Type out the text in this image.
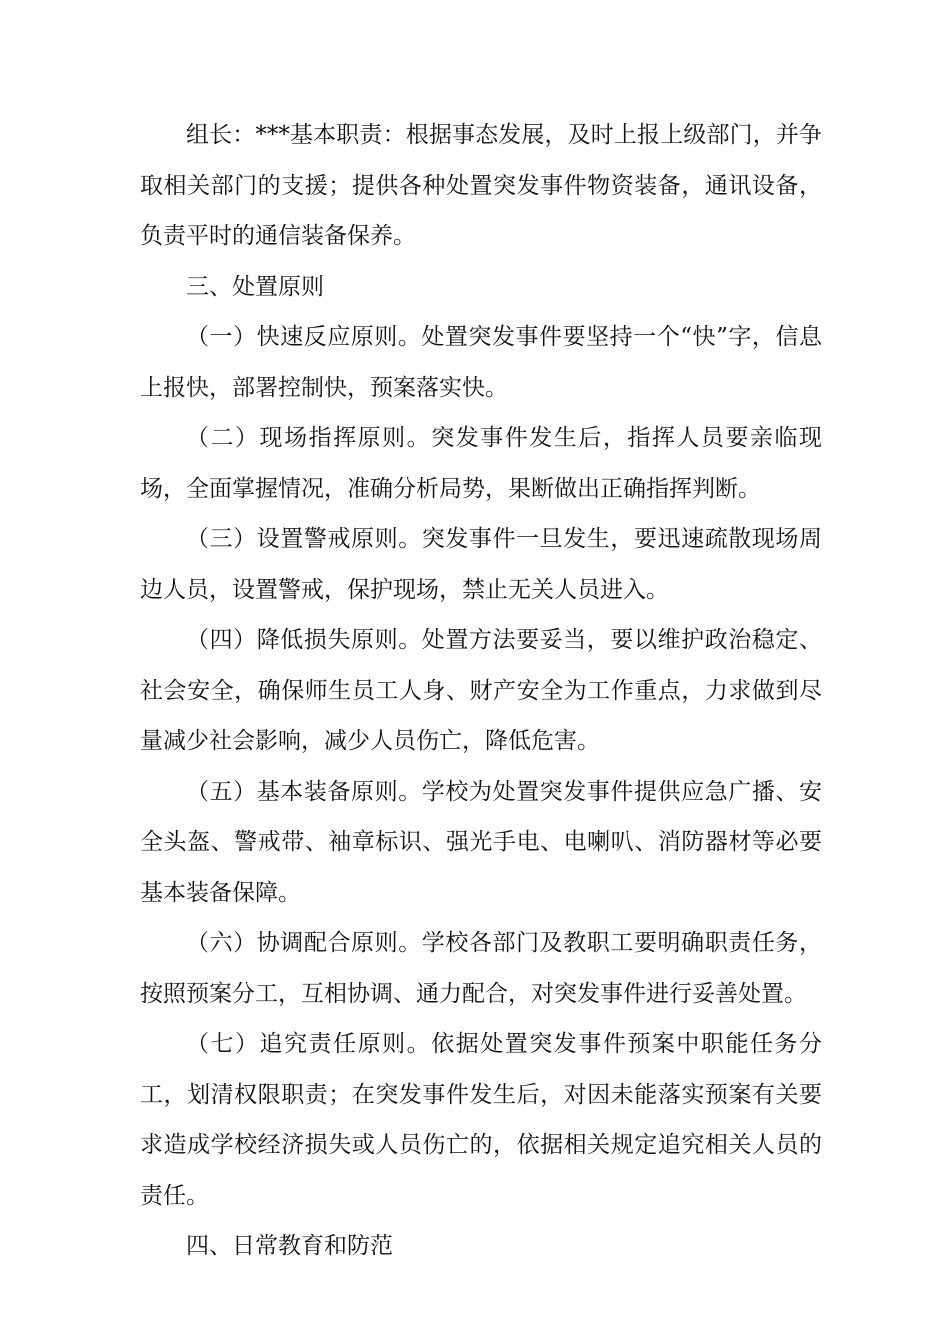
组长：***基本职责：根据事态发展，及时上报上级部门，并争取相关部门的支援；提供各种处置突发事件物资装备，通讯设备，负责平时的通信装备保养。

三、处置原则

（一）快速反应原则。处置突发事件要坚持一个“快”字，信息上报快，部署控制快，预案落实快。

（二）现场指挥原则。突发事件发生后，指挥人员要亲临现场，全面掌握情况，准确分析局势，果断做出正确指挥判断。

（三）设置警戒原则。突发事件一旦发生，要迅速疏散现场周边人员，设置警戒，保护现场，禁止无关人员进入。

（四）降低损失原则。处置方法要妥当，要以维护政治稳定、社会安全，确保师生员工人身、财产安全为工作重点，力求做到尽量减少社会影响，减少人员伤亡，降低危害。

（五）基本装备原则。学校为处置突发事件提供应急广播、安全头盔、警戒带、袖章标识、强光手电、电喇叭、消防器材等必要基本装备保障。

（六）协调配合原则。学校各部门及教职工要明确职责任务，按照预案分工，互相协调、通力配合，对突发事件进行妥善处置。

（七）追究责任原则。依据处置突发事件预案中职能任务分工，划清权限职责；在突发事件发生后，对因未能落实预案有关要求造成学校经济损失或人员伤亡的，依据相关规定追究相关人员的责任。

四、日常教育和防范
